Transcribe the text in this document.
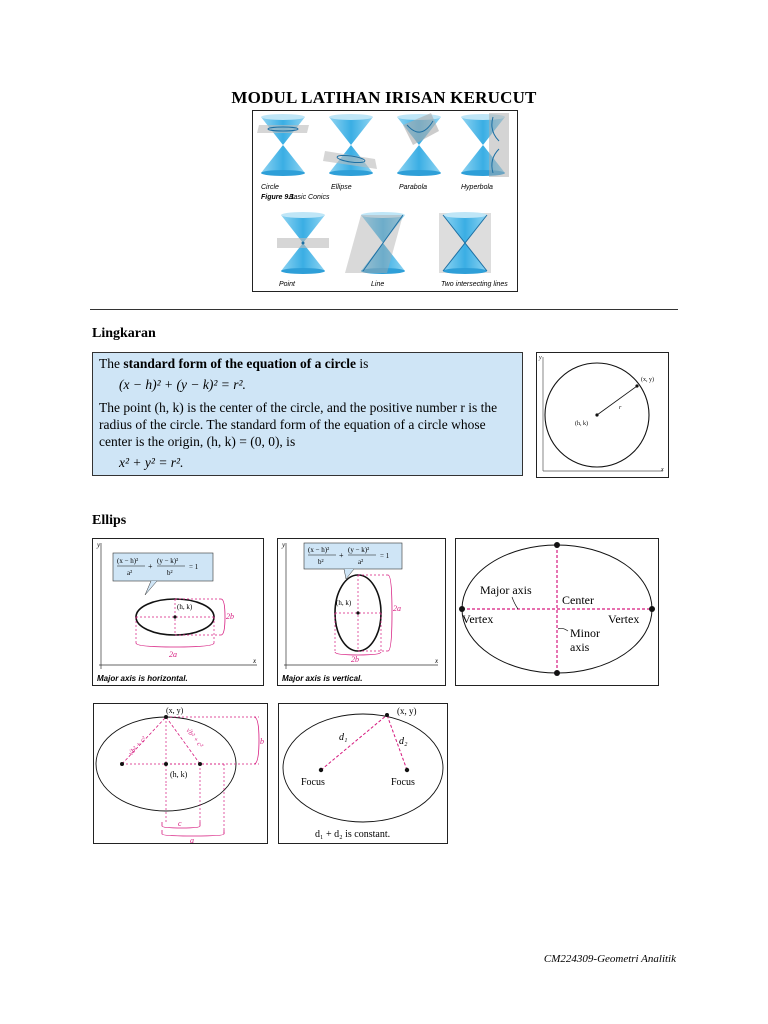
MODUL LATIHAN IRISAN KERUCUT
Circle	Ellipse	Parabola	Hyperbola
Figure 9.1
Basic Conics
Point	Line	Two intersecting lines
Lingkaran

The standard form of the equation of a circle is

(x − h)² + (y − k)² = r².

The point (h, k) is the center of the circle, and the positive number r is the radius of the circle. The standard form of the equation of a circle whose center is the origin, (h, k) = (0, 0), is

x² + y² = r².

y
x
(x, y)
(h, k)
r
Ellips
y
x
(x − h)²
a²
+
(y − k)²
b²
= 1
(h, k)
2b
2a
Major axis is horizontal.
y
x
(x − h)²
b²
+
(y − k)²
a²
= 1
(h, k)
2a
2b
Major axis is vertical.
Major axis
Center
Vertex	Vertex
Minor
axis
(x, y)
√b² + c²	√b² + c²
(h, k)
b
c
a
(x, y)
d₁	d₂
Focus	Focus
d₁ + d₂ is constant.
CM224309-Geometri Analitik
